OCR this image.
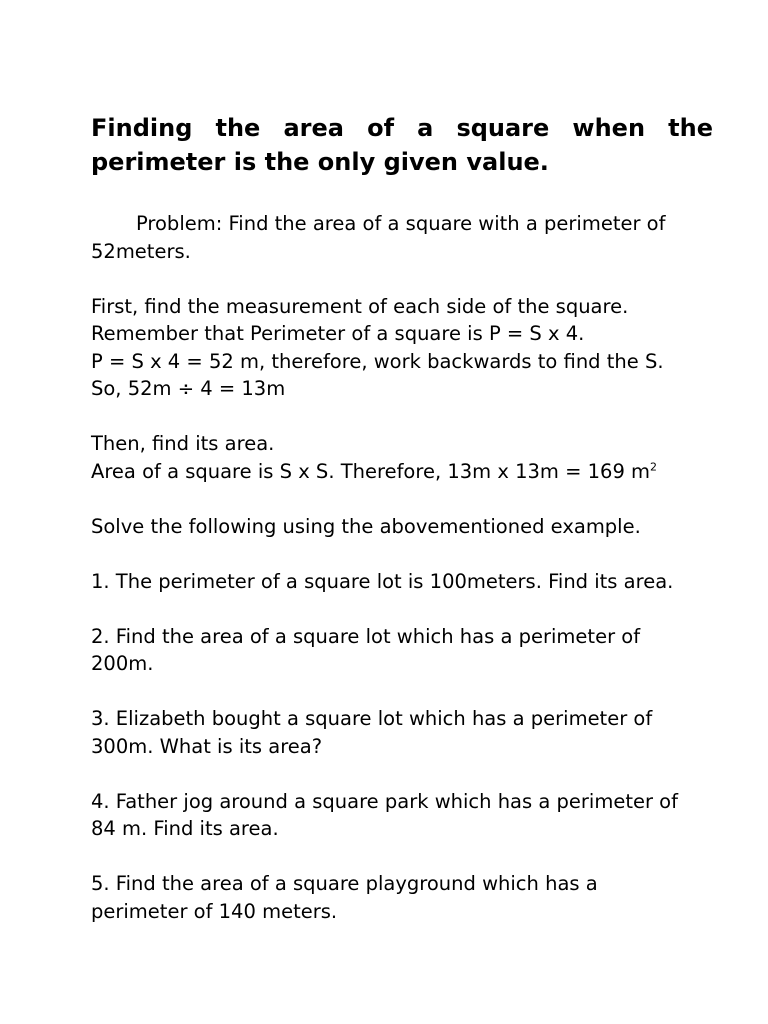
Finding the area of a square when the perimeter is the only given value.

Problem: Find the area of a square with a perimeter of 52meters.

First, find the measurement of each side of the square.
Remember that Perimeter of a square is P = S x 4.
P = S x 4 = 52 m, therefore, work backwards to find the S.
So, 52m ÷ 4 = 13m

Then, find its area.
Area of a square is S x S. Therefore, 13m x 13m = 169 $m^2$

Solve the following using the abovementioned example.

1. The perimeter of a square lot is 100meters. Find its area.

2. Find the area of a square lot which has a perimeter of 200m.

3. Elizabeth bought a square lot which has a perimeter of 300m. What is its area?

4. Father jog around a square park which has a perimeter of 84 m. Find its area.

5. Find the area of a square playground which has a perimeter of 140 meters.
